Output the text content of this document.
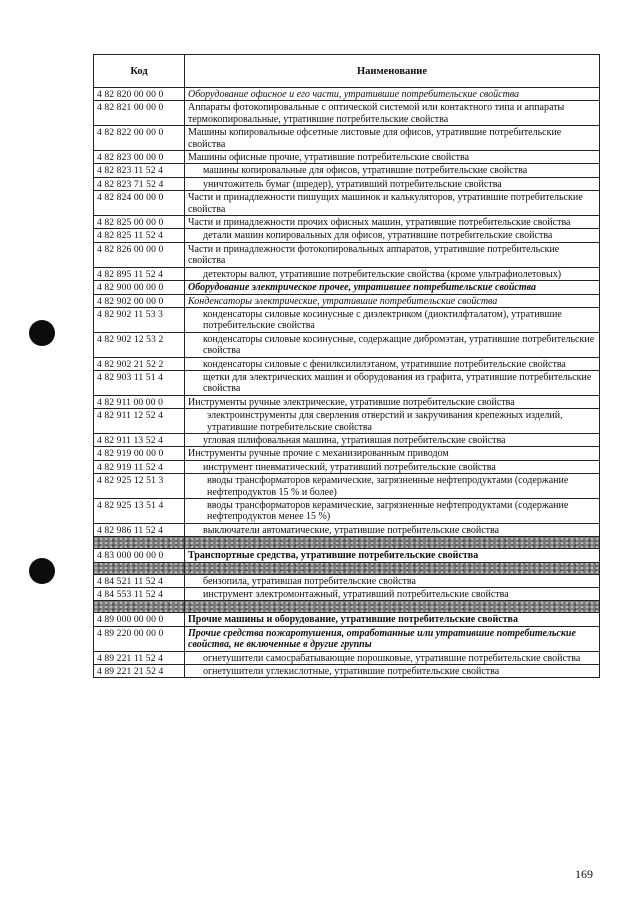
Код	Наименование
4 82 820 00 00 0	Оборудование офисное и его части, утратившие потребительские свойства
4 82 821 00 00 0	Аппараты фотокопировальные с оптической системой или контактного типа и аппараты термокопировальные, утратившие потребительские свойства
4 82 822 00 00 0	Машины копировальные офсетные листовые для офисов, утратившие потребительские свойства
4 82 823 00 00 0	Машины офисные прочие, утратившие потребительские свойства
4 82 823 11 52 4	машины копировальные для офисов, утратившие потребительские свойства
4 82 823 71 52 4	уничтожитель бумаг (шредер), утративший потребительские свойства
4 82 824 00 00 0	Части и принадлежности пишущих машинок и калькуляторов, утратившие потребительские свойства
4 82 825 00 00 0	Части и принадлежности прочих офисных машин, утратившие потребительские свойства
4 82 825 11 52 4	детали машин копировальных для офисов, утратившие потребительские свойства
4 82 826 00 00 0	Части и принадлежности фотокопировальных аппаратов, утратившие потребительские свойства
4 82 895 11 52 4	детекторы валют, утратившие потребительские свойства (кроме ультрафиолетовых)
4 82 900 00 00 0	Оборудование электрическое прочее, утратившее потребительские свойства
4 82 902 00 00 0	Конденсаторы электрические, утратившие потребительские свойства
4 82 902 11 53 3	конденсаторы силовые косинусные с диэлектриком (диоктилфталатом), утратившие потребительские свойства
4 82 902 12 53 2	конденсаторы силовые косинусные, содержащие дибромэтан, утратившие потребительские свойства
4 82 902 21 52 2	конденсаторы силовые с фенилксилилэтаном, утратившие потребительские свойства
4 82 903 11 51 4	щетки для электрических машин и оборудования из графита, утратившие потребительские свойства
4 82 911 00 00 0	Инструменты ручные электрические, утратившие потребительские свойства
4 82 911 12 52 4	электроинструменты для сверления отверстий и закручивания крепежных изделий, утратившие потребительские свойства
4 82 911 13 52 4	угловая шлифовальная машина, утратившая потребительские свойства
4 82 919 00 00 0	Инструменты ручные прочие с механизированным приводом
4 82 919 11 52 4	инструмент пневматический, утративший потребительские свойства
4 82 925 12 51 3	вводы трансформаторов керамические, загрязненные нефтепродуктами (содержание нефтепродуктов 15 % и более)
4 82 925 13 51 4	вводы трансформаторов керамические, загрязненные нефтепродуктами (содержание нефтепродуктов менее 15 %)
4 82 986 11 52 4	выключатели автоматические, утратившие потребительские свойства

4 83 000 00 00 0	Транспортные средства, утратившие потребительские свойства

4 84 521 11 52 4	бензопила, утратившая потребительские свойства
4 84 553 11 52 4	инструмент электромонтажный, утративший потребительские свойства

4 89 000 00 00 0	Прочие машины и оборудование, утратившие потребительские свойства
4 89 220 00 00 0	Прочие средства пожаротушения, отработанные или утратившие потребительские свойства, не включенные в другие группы
4 89 221 11 52 4	огнетушители самосрабатывающие порошковые, утратившие потребительские свойства
4 89 221 21 52 4	огнетушители углекислотные, утратившие потребительские свойства
169
